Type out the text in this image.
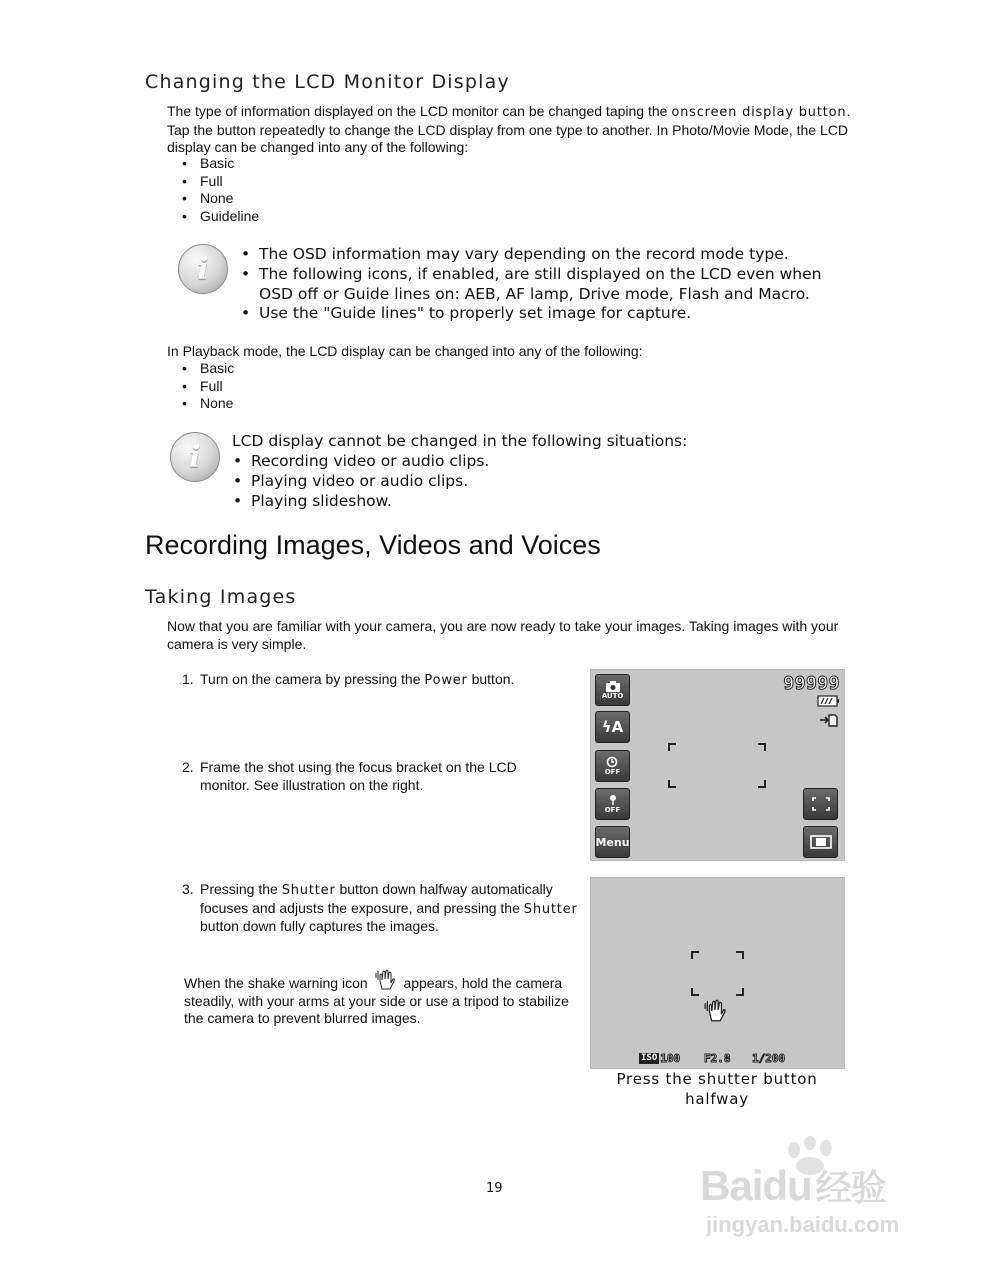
Changing the LCD Monitor Display
The type of information displayed on the LCD monitor can be changed taping the onscreen display button. Tap the button repeatedly to change the LCD display from one type to another. In Photo/Movie Mode, the LCD display can be changed into any of the following:
• Basic
• Full
• None
• Guideline
i
•	The OSD information may vary depending on the record mode type.
• The following icons, if enabled, are still displayed on the LCD even when OSD off or Guide lines on: AEB, AF lamp, Drive mode, Flash and Macro.
• Use the "Guide lines" to properly set image for capture.
In Playback mode, the LCD display can be changed into any of the following:
• Basic
• Full
• None
i	LCD display cannot be changed in the following situations:
• Recording video or audio clips.
• Playing video or audio clips.
• Playing slideshow.
Recording Images, Videos and Voices
Taking Images
Now that you are familiar with your camera, you are now ready to take your images. Taking images with your camera is very simple.
1. Turn on the camera by pressing the Power button.
2. Frame the shot using the focus bracket on the LCD monitor. See illustration on the right.
3. Pressing the Shutter button down halfway automatically focuses and adjusts the exposure, and pressing the Shutter button down fully captures the images.
When the shake warning icon	appears, hold the camera steadily, with your arms at your side or use a tripod to stabilize the camera to prevent blurred images.
AUTO
ϟA
OFF
OFF
Menu
99999
ISO 100 F2.8 1/200
Press the shutter button halfway
19	Baidu 经验
jingyan.baidu.com
